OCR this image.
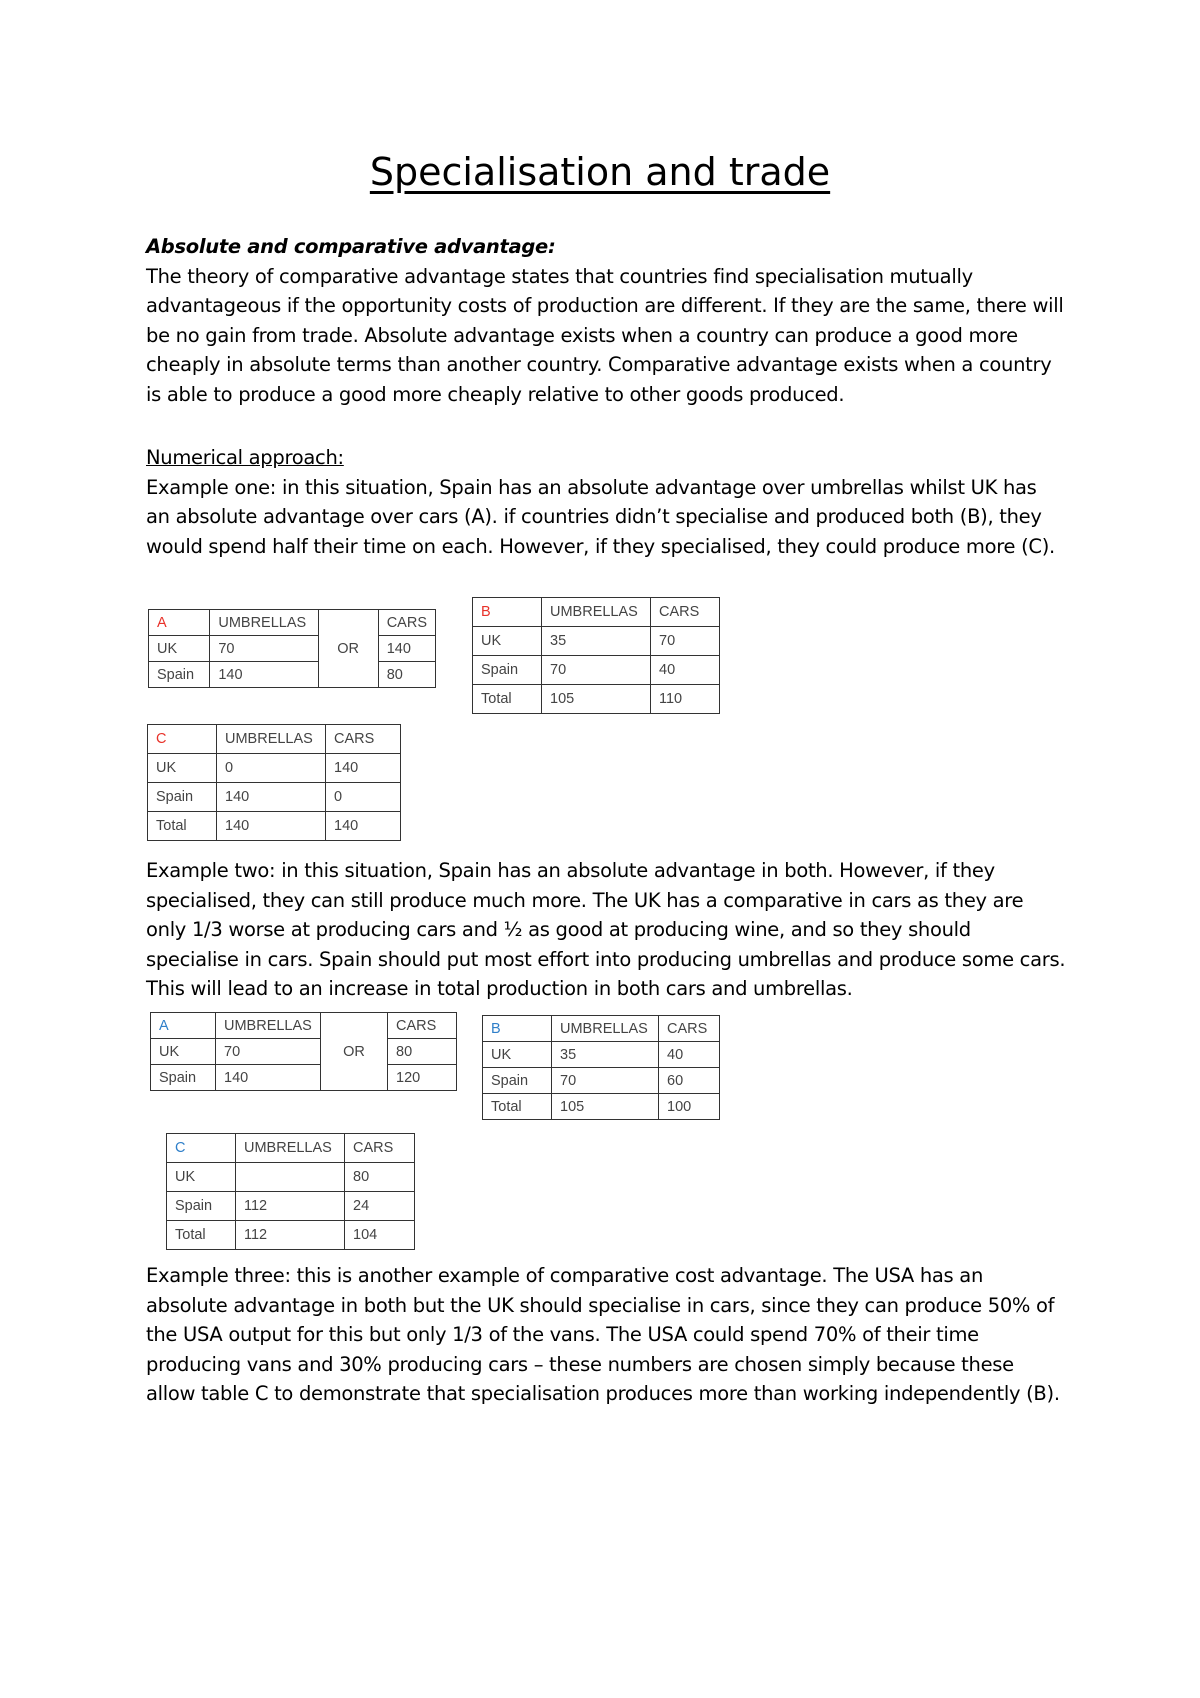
Specialisation and trade
Absolute and comparative advantage:
The theory of comparative advantage states that countries find specialisation mutually advantageous if the opportunity costs of production are different. If they are the same, there will be no gain from trade. Absolute advantage exists when a country can produce a good more cheaply in absolute terms than another country. Comparative advantage exists when a country is able to produce a good more cheaply relative to other goods produced.
Numerical approach:
Example one: in this situation, Spain has an absolute advantage over umbrellas whilst UK has an absolute advantage over cars (A). if countries didn’t specialise and produced both (B), they would spend half their time on each. However, if they specialised, they could produce more (C).
A	UMBRELLAS	OR	CARS
UK	70		140
Spain	140		80
B	UMBRELLAS	CARS
UK	35	70
Spain	70	40
Total	105	110
C	UMBRELLAS	CARS
UK	0	140
Spain	140	0
Total	140	140
Example two: in this situation, Spain has an absolute advantage in both. However, if they specialised, they can still produce much more. The UK has a comparative in cars as they are only 1/3 worse at producing cars and ½ as good at producing wine, and so they should specialise in cars. Spain should put most effort into producing umbrellas and produce some cars. This will lead to an increase in total production in both cars and umbrellas.
A	UMBRELLAS	OR	CARS
UK	70		80
Spain	140		120
B	UMBRELLAS	CARS
UK	35	40
Spain	70	60
Total	105	100
C	UMBRELLAS	CARS
UK		80
Spain	112	24
Total	112	104
Example three: this is another example of comparative cost advantage. The USA has an absolute advantage in both but the UK should specialise in cars, since they can produce 50% of the USA output for this but only 1/3 of the vans. The USA could spend 70% of their time producing vans and 30% producing cars – these numbers are chosen simply because these allow table C to demonstrate that specialisation produces more than working independently (B).
